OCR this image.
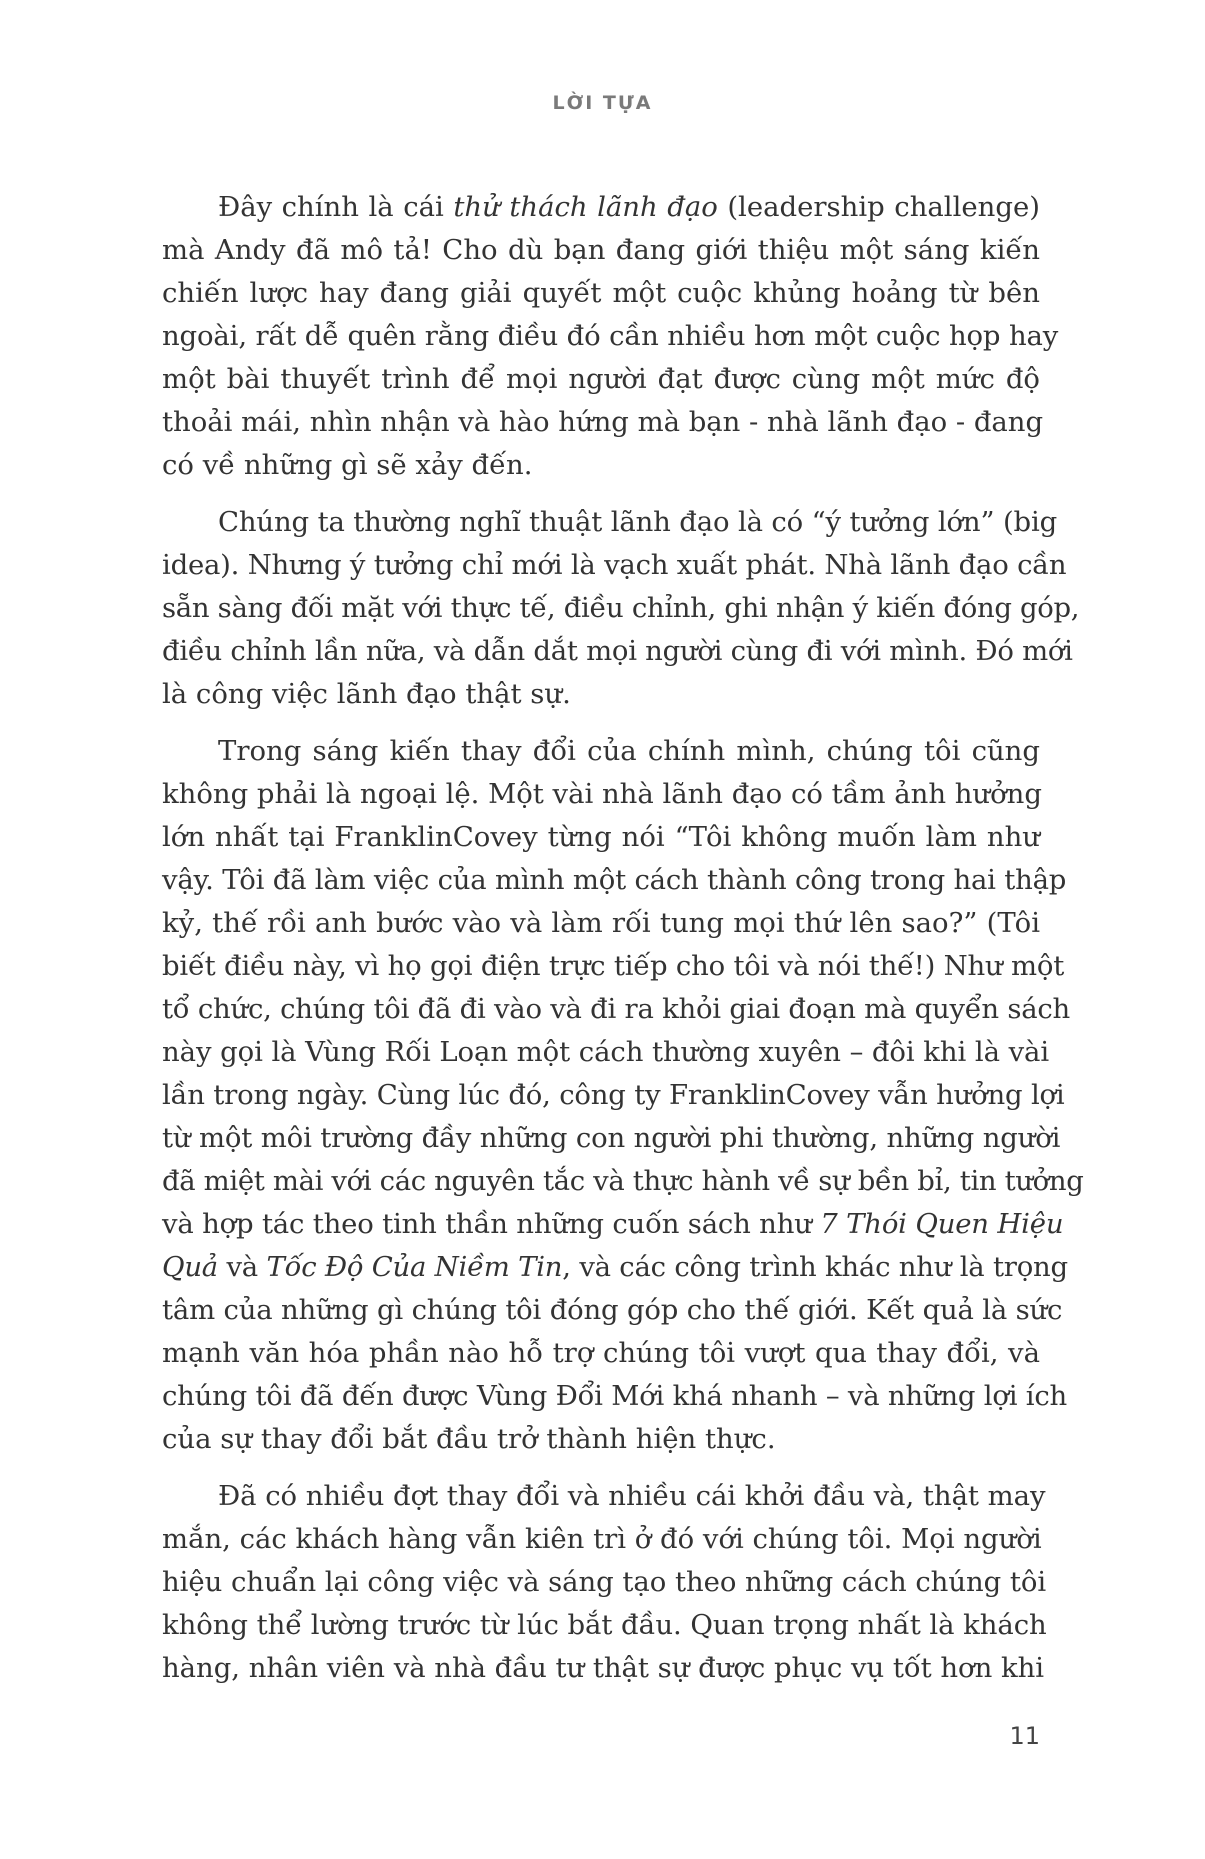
LỜI TỰA

Đây chính là cái thử thách lãnh đạo (leadership challenge)
mà Andy đã mô tả! Cho dù bạn đang giới thiệu một sáng kiến
chiến lược hay đang giải quyết một cuộc khủng hoảng từ bên
ngoài, rất dễ quên rằng điều đó cần nhiều hơn một cuộc họp hay
một bài thuyết trình để mọi người đạt được cùng một mức độ
thoải mái, nhìn nhận và hào hứng mà bạn - nhà lãnh đạo - đang
có về những gì sẽ xảy đến.

Chúng ta thường nghĩ thuật lãnh đạo là có “ý tưởng lớn” (big
idea). Nhưng ý tưởng chỉ mới là vạch xuất phát. Nhà lãnh đạo cần
sẵn sàng đối mặt với thực tế, điều chỉnh, ghi nhận ý kiến đóng góp,
điều chỉnh lần nữa, và dẫn dắt mọi người cùng đi với mình. Đó mới
là công việc lãnh đạo thật sự.

Trong sáng kiến thay đổi của chính mình, chúng tôi cũng
không phải là ngoại lệ. Một vài nhà lãnh đạo có tầm ảnh hưởng
lớn nhất tại FranklinCovey từng nói “Tôi không muốn làm như
vậy. Tôi đã làm việc của mình một cách thành công trong hai thập
kỷ, thế rồi anh bước vào và làm rối tung mọi thứ lên sao?” (Tôi
biết điều này, vì họ gọi điện trực tiếp cho tôi và nói thế!) Như một
tổ chức, chúng tôi đã đi vào và đi ra khỏi giai đoạn mà quyển sách
này gọi là Vùng Rối Loạn một cách thường xuyên – đôi khi là vài
lần trong ngày. Cùng lúc đó, công ty FranklinCovey vẫn hưởng lợi
từ một môi trường đầy những con người phi thường, những người
đã miệt mài với các nguyên tắc và thực hành về sự bền bỉ, tin tưởng
và hợp tác theo tinh thần những cuốn sách như 7 Thói Quen Hiệu
Quả và Tốc Độ Của Niềm Tin, và các công trình khác như là trọng
tâm của những gì chúng tôi đóng góp cho thế giới. Kết quả là sức
mạnh văn hóa phần nào hỗ trợ chúng tôi vượt qua thay đổi, và
chúng tôi đã đến được Vùng Đổi Mới khá nhanh – và những lợi ích
của sự thay đổi bắt đầu trở thành hiện thực.

Đã có nhiều đợt thay đổi và nhiều cái khởi đầu và, thật may
mắn, các khách hàng vẫn kiên trì ở đó với chúng tôi. Mọi người
hiệu chuẩn lại công việc và sáng tạo theo những cách chúng tôi
không thể lường trước từ lúc bắt đầu. Quan trọng nhất là khách
hàng, nhân viên và nhà đầu tư thật sự được phục vụ tốt hơn khi

11
